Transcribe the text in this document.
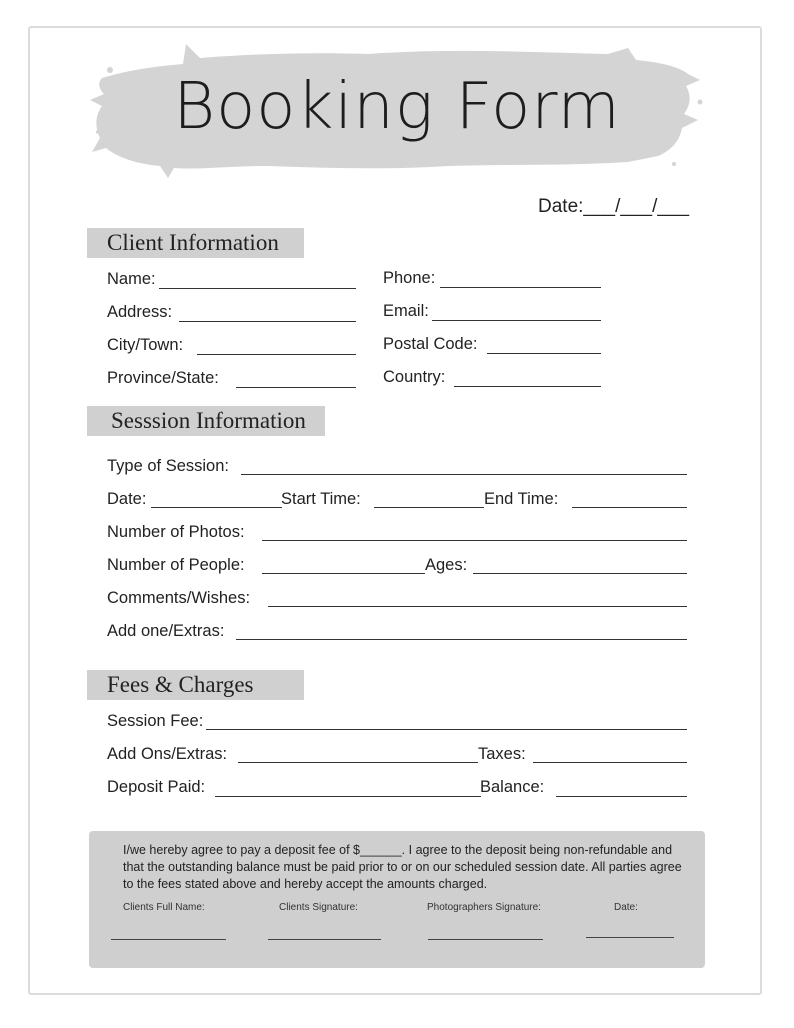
Booking Form
Date:___/___/___
Client Information
Name:	Phone:
Address:	Email:
City/Town:	Postal Code:
Province/State:	Country:
Sesssion Information
Type of Session:
Date:	Start Time:	End Time:
Number of Photos:
Number of People:	Ages:
Comments/Wishes:
Add one/Extras:
Fees & Charges
Session Fee:
Add Ons/Extras:	Taxes:
Deposit Paid:	Balance:
I/we hereby agree to pay a deposit fee of $______. I agree to the deposit being non-refundable and that the outstanding balance must be paid prior to or on our scheduled session date. All parties agree to the fees stated above and hereby accept the amounts charged.
Clients Full Name:	Clients Signature:	Photographers Signature:	Date:
